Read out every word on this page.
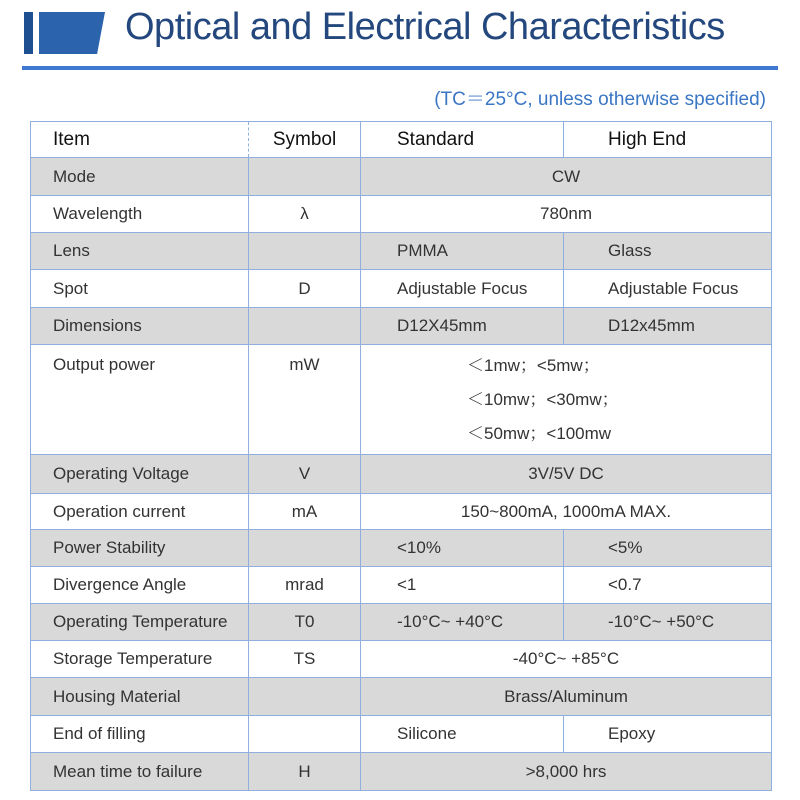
Optical and Electrical Characteristics
(TC＝25°C, unless otherwise specified)
Item	Symbol	Standard	High End
Mode		CW	
Wavelength	λ	780nm	
Lens		PMMA	Glass
Spot	D	Adjustable Focus	Adjustable Focus
Dimensions		D12X45mm	D12x45mm
Output power	mW	＜1mw；<5mw；
＜10mw；<30mw；
＜50mw；<100mw	

Operating Voltage	V	3V/5V DC	
Operation current	mA	150~800mA, 1000mA MAX.	
Power Stability		<10%	<5%
Divergence Angle	mrad	<1	<0.7
Operating Temperature	T0	-10°C~ +40°C	-10°C~ +50°C
Storage Temperature	TS	-40°C~ +85°C	
Housing Material		Brass/Aluminum	
End of filling		Silicone	Epoxy
Mean time to failure	H	>8,000 hrs	
